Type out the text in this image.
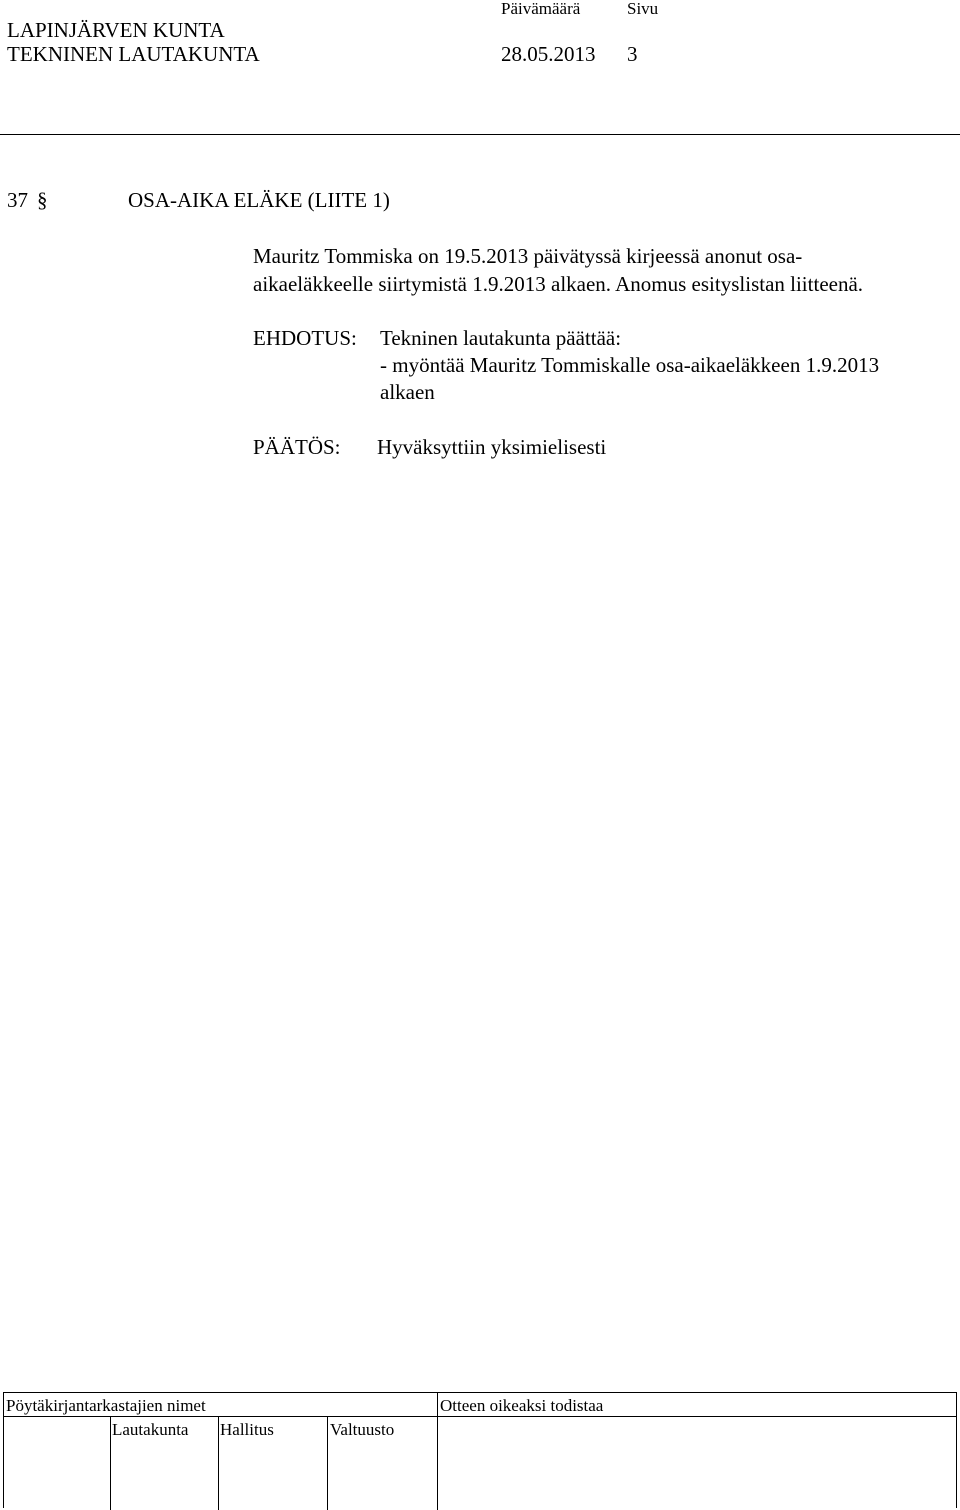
LAPINJÄRVEN KUNTA
TEKNINEN LAUTAKUNTA
Päivämäärä	Sivu
28.05.2013 3
37 §	OSA-AIKA ELÄKE (LIITE 1)
Mauritz Tommiska on 19.5.2013 päivätyssä kirjeessä anonut osa-
aikaeläkkeelle siirtymistä 1.9.2013 alkaen. Anomus esityslistan liitteenä.
EHDOTUS: Tekninen lautakunta päättää:
- myöntää Mauritz Tommiskalle osa-aikaeläkkeen 1.9.2013
alkaen
PÄÄTÖS: Hyväksyttiin yksimielisesti
Pöytäkirjantarkastajien nimet	Otteen oikeaksi todistaa
Lautakunta Hallitus	Valtuusto
